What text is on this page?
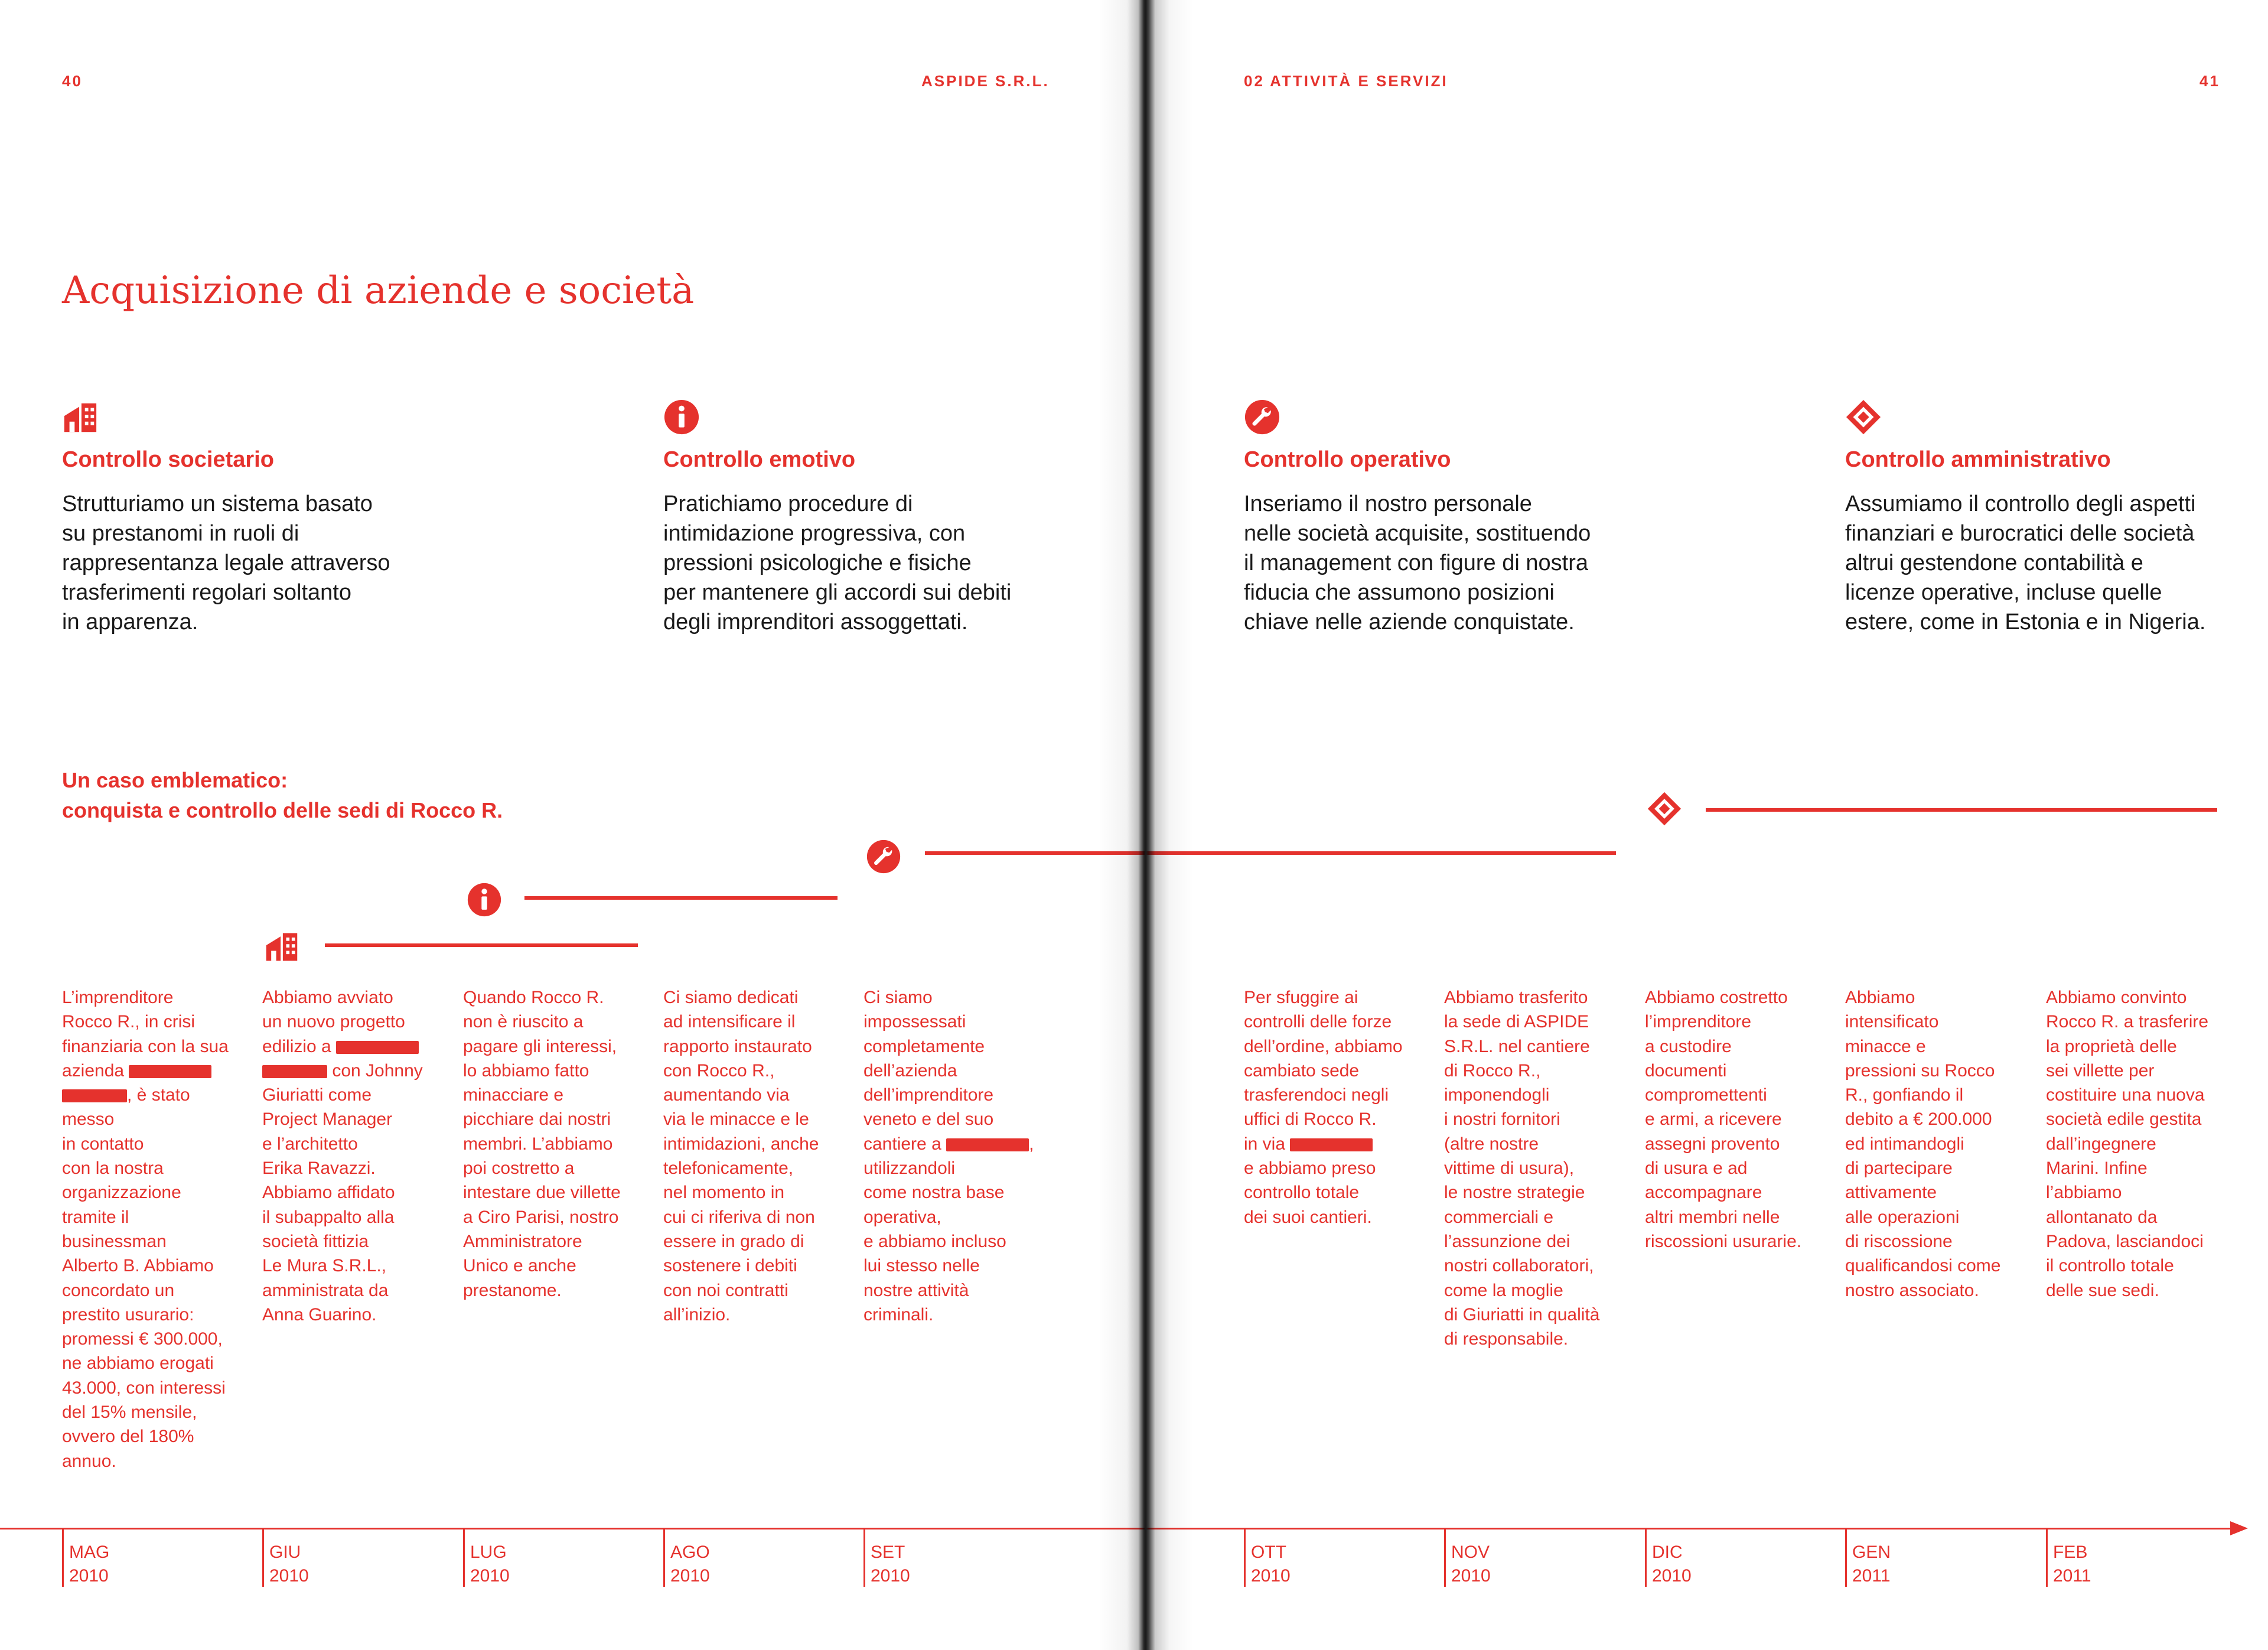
40	ASPIDE S.R.L.	02 ATTIVITÀ E SERVIZI	41
Acquisizione di aziende e società
Controllo societario
Strutturiamo un sistema basato
su prestanomi in ruoli di
rappresentanza legale attraverso
trasferimenti regolari soltanto
in apparenza.
Controllo emotivo
Pratichiamo procedure di
intimidazione progressiva, con
pressioni psicologiche e fisiche
per mantenere gli accordi sui debiti
degli imprenditori assoggettati.
Controllo operativo
Inseriamo il nostro personale
nelle società acquisite, sostituendo
il management con figure di nostra
fiducia che assumono posizioni
chiave nelle aziende conquistate.
Controllo amministrativo
Assumiamo il controllo degli aspetti
finanziari e burocratici delle società
altrui gestendone contabilità e
licenze operative, incluse quelle
estere, come in Estonia e in Nigeria.
Un caso emblematico:
conquista e controllo delle sedi di Rocco R.
L’imprenditore
Rocco R., in crisi
finanziaria con la sua
azienda
, è stato messo
in contatto
con la nostra
organizzazione
tramite il
businessman
Alberto B. Abbiamo
concordato un
prestito usurario:
promessi € 300.000,
ne abbiamo erogati
43.000, con interessi
del 15% mensile,
ovvero del 180%
annuo.
Abbiamo avviato
un nuovo progetto
edilizio a
con Johnny
Giuriatti come
Project Manager
e l’architetto
Erika Ravazzi.
Abbiamo affidato
il subappalto alla
società fittizia
Le Mura S.R.L.,
amministrata da
Anna Guarino.
Quando Rocco R.
non è riuscito a
pagare gli interessi,
lo abbiamo fatto
minacciare e
picchiare dai nostri
membri. L’abbiamo
poi costretto a
intestare due villette
a Ciro Parisi, nostro
Amministratore
Unico e anche
prestanome.
Ci siamo dedicati
ad intensificare il
rapporto instaurato
con Rocco R.,
aumentando via
via le minacce e le
intimidazioni, anche
telefonicamente,
nel momento in
cui ci riferiva di non
essere in grado di
sostenere i debiti
con noi contratti
all’inizio.
Ci siamo
impossessati
completamente
dell’azienda
dell’imprenditore
veneto e del suo
cantiere a	,
utilizzandoli
come nostra base
operativa,
e abbiamo incluso
lui stesso nelle
nostre attività
criminali.
Per sfuggire ai
controlli delle forze
dell’ordine, abbiamo
cambiato sede
trasferendoci negli
uffici di Rocco R.
in via
e abbiamo preso
controllo totale
dei suoi cantieri.
Abbiamo trasferito
la sede di ASPIDE
S.R.L. nel cantiere
di Rocco R.,
imponendogli
i nostri fornitori
(altre nostre
vittime di usura),
le nostre strategie
commerciali e
l’assunzione dei
nostri collaboratori,
come la moglie
di Giuriatti in qualità
di responsabile.
Abbiamo costretto
l’imprenditore
a custodire
documenti
compromettenti
e armi, a ricevere
assegni provento
di usura e ad
accompagnare
altri membri nelle
riscossioni usurarie.
Abbiamo
intensificato
minacce e
pressioni su Rocco
R., gonfiando il
debito a € 200.000
ed intimandogli
di partecipare
attivamente
alle operazioni
di riscossione
qualificandosi come
nostro associato.
Abbiamo convinto
Rocco R. a trasferire
la proprietà delle
sei villette per
costituire una nuova
società edile gestita
dall’ingegnere
Marini. Infine
l’abbiamo
allontanato da
Padova, lasciandoci
il controllo totale
delle sue sedi.
MAG
2010
GIU
2010
LUG
2010
AGO
2010
SET
2010
OTT
2010
NOV
2010
DIC
2010
GEN
2011
FEB
2011
